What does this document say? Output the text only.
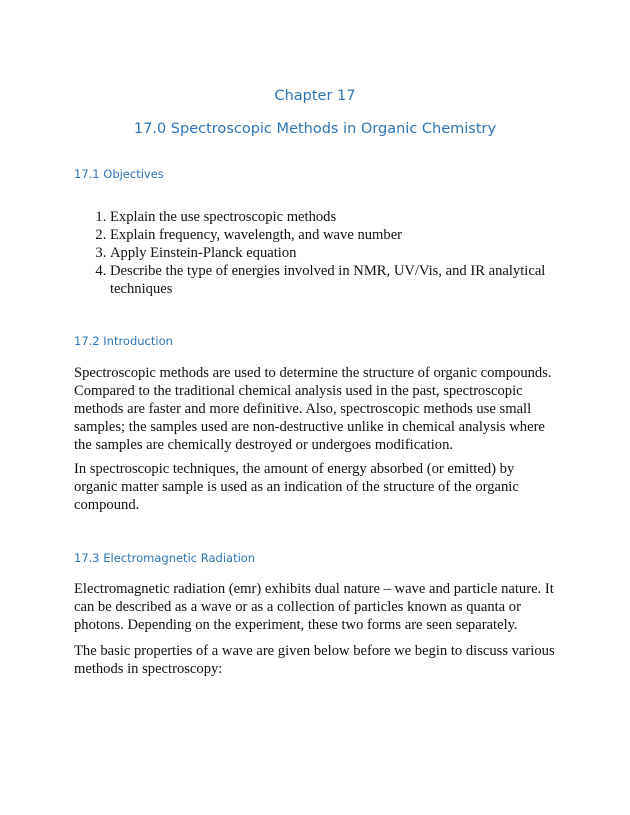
Chapter 17
17.0 Spectroscopic Methods in Organic Chemistry
17.1 Objectives
1. Explain the use spectroscopic methods
2. Explain frequency, wavelength, and wave number
3. Apply Einstein-Planck equation
4. Describe the type of energies involved in NMR, UV/Vis, and IR analytical techniques
17.2 Introduction

Spectroscopic methods are used to determine the structure of organic compounds. Compared to the traditional chemical analysis used in the past, spectroscopic methods are faster and more definitive. Also, spectroscopic methods use small samples; the samples used are non-destructive unlike in chemical analysis where the samples are chemically destroyed or undergoes modification.

In spectroscopic techniques, the amount of energy absorbed (or emitted) by organic matter sample is used as an indication of the structure of the organic compound.

17.3 Electromagnetic Radiation

Electromagnetic radiation (emr) exhibits dual nature – wave and particle nature. It can be described as a wave or as a collection of particles known as quanta or photons. Depending on the experiment, these two forms are seen separately.

The basic properties of a wave are given below before we begin to discuss various methods in spectroscopy:
